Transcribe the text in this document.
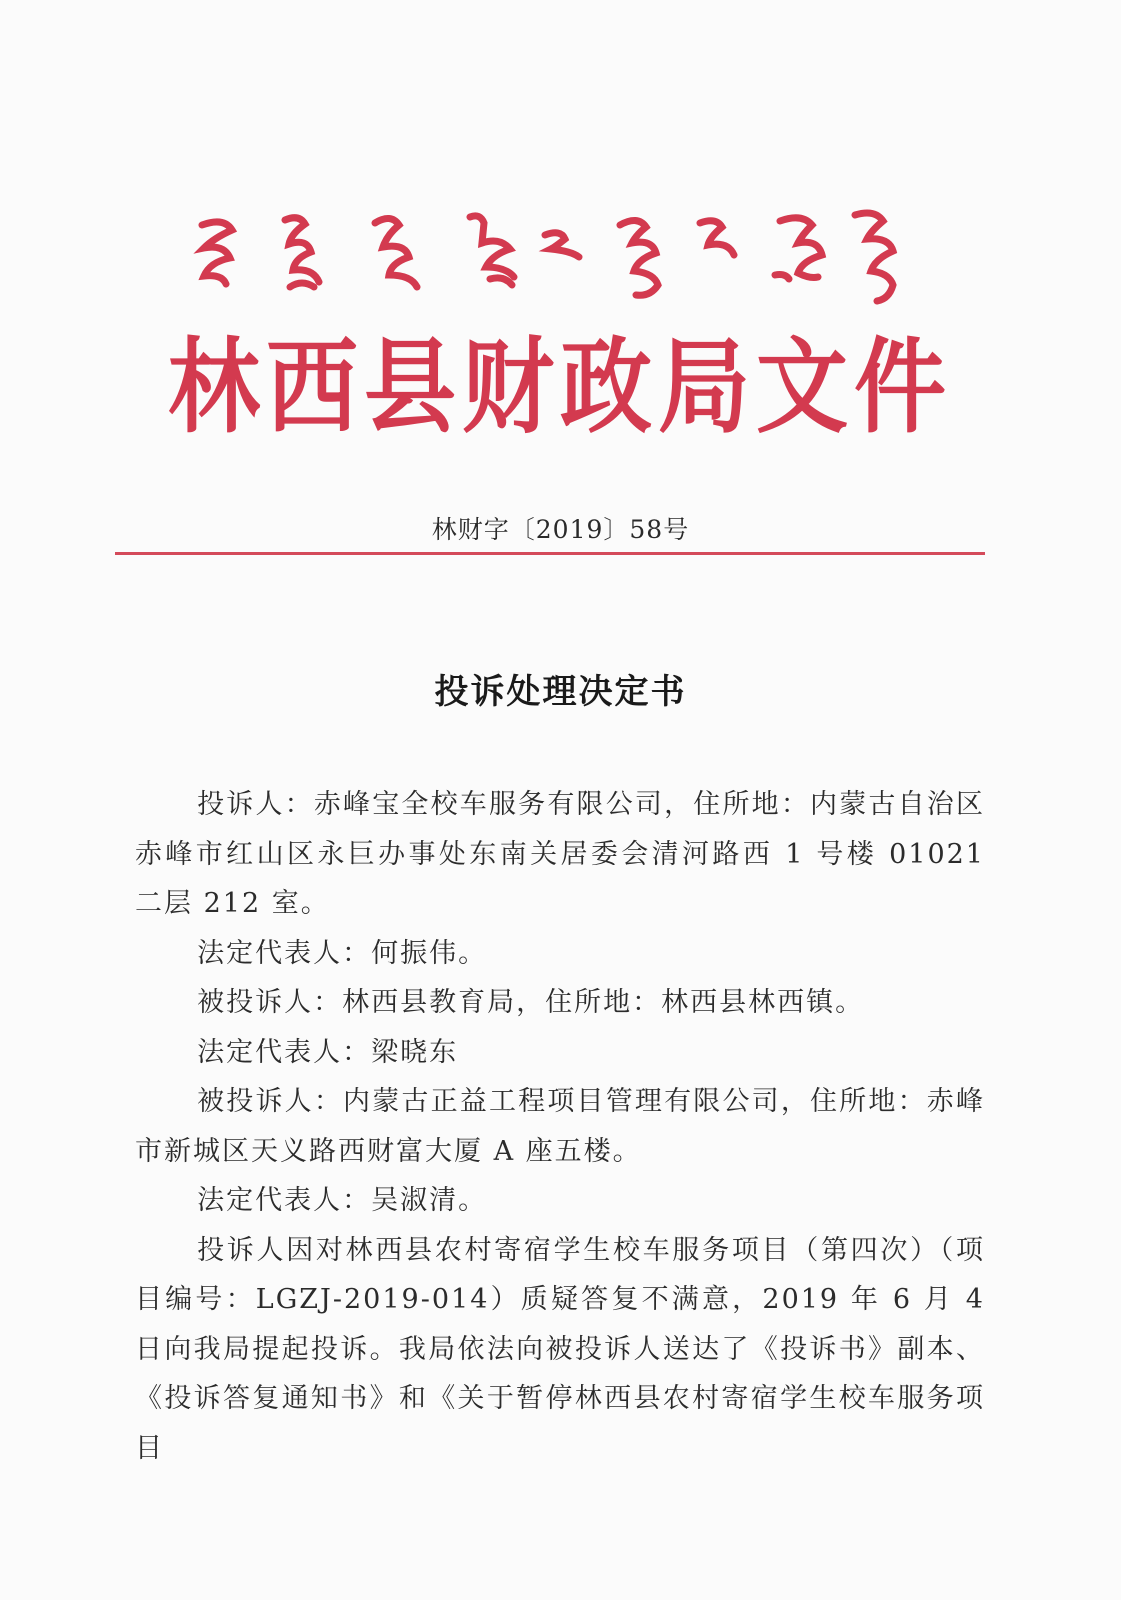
林西县财政局文件
林财字〔2019〕58号
投诉处理决定书

投诉人：赤峰宝全校车服务有限公司，住所地：内蒙古自治区赤峰市红山区永巨办事处东南关居委会清河路西 1 号楼 01021 二层 212 室。

法定代表人：何振伟。

被投诉人：林西县教育局，住所地：林西县林西镇。

法定代表人：梁晓东

被投诉人：内蒙古正益工程项目管理有限公司，住所地：赤峰市新城区天义路西财富大厦 A 座五楼。

法定代表人：吴淑清。

投诉人因对林西县农村寄宿学生校车服务项目（第四次）（项目编号：LGZJ-2019-014）质疑答复不满意，2019 年 6 月 4 日向我局提起投诉。我局依法向被投诉人送达了《投诉书》副本、《投诉答复通知书》和《关于暂停林西县农村寄宿学生校车服务项目
